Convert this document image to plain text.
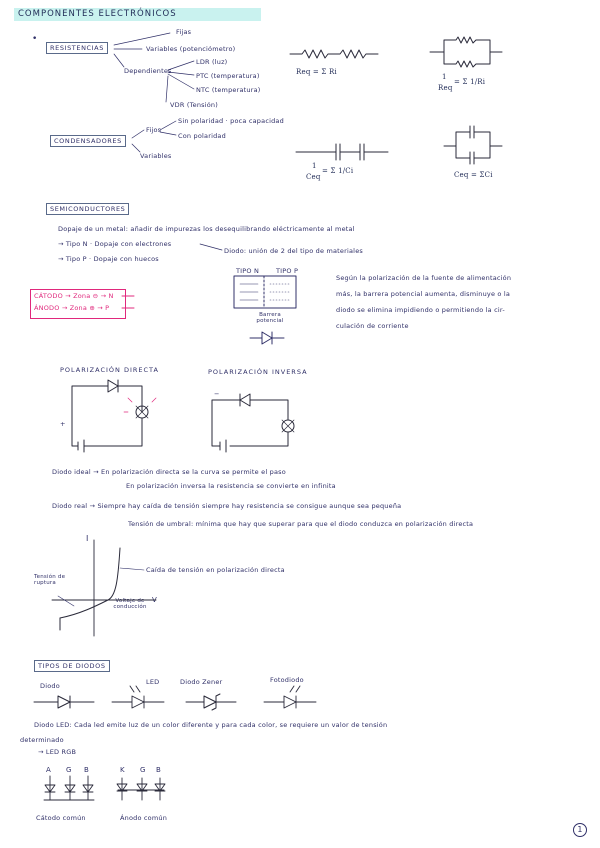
COMPONENTES ELECTRÓNICOS
•
RESISTENCIAS
Fijas
Variables (potenciómetro)
Dependientes
LDR (luz)
PTC (temperatura)
NTC (temperatura)
VDR (Tensión)
Req = Σ Ri
1
Req
= Σ 1/Ri
CONDENSADORES
Fijos
Sin polaridad · poca capacidad
Con polaridad
Variables
1
Ceq
= Σ 1/Ci	Ceq = ΣCi
SEMICONDUCTORES
Dopaje de un metal: añadir de impurezas los desequilibrando eléctricamente al metal
→ Tipo N · Dopaje con electrones
→ Tipo P · Dopaje con huecos
Diodo: unión de 2 del tipo de materiales
CÁTODO → Zona ⊖ → N
ÁNODO → Zona ⊕ → P
TIPO N	TIPO P
Barrera potencial
Según la polarización de la fuente de alimentación
más, la barrera potencial aumenta, disminuye o la
diodo se elimina impidiendo o permitiendo la cir-
culación de corriente
POLARIZACIÓN DIRECTA	POLARIZACIÓN INVERSA
+
−
Diodo ideal → En polarización directa se la curva se permite el paso
En polarización inversa la resistencia se convierte en infinita
Diodo real → Siempre hay caída de tensión siempre hay resistencia se consigue aunque sea pequeña
Tensión de umbral: mínima que hay que superar para que el diodo conduzca en polarización directa
I
V
Tensión de ruptura
Voltaje de conducción
Caída de tensión en polarización directa
TIPOS DE DIODOS
Diodo	LED	Diodo Zener	Fotodiodo
Diodo LED: Cada led emite luz de un color diferente y para cada color, se requiere un valor de tensión
determinado
→ LED RGB
A G B	K G B
Cátodo común	Ánodo común
1
